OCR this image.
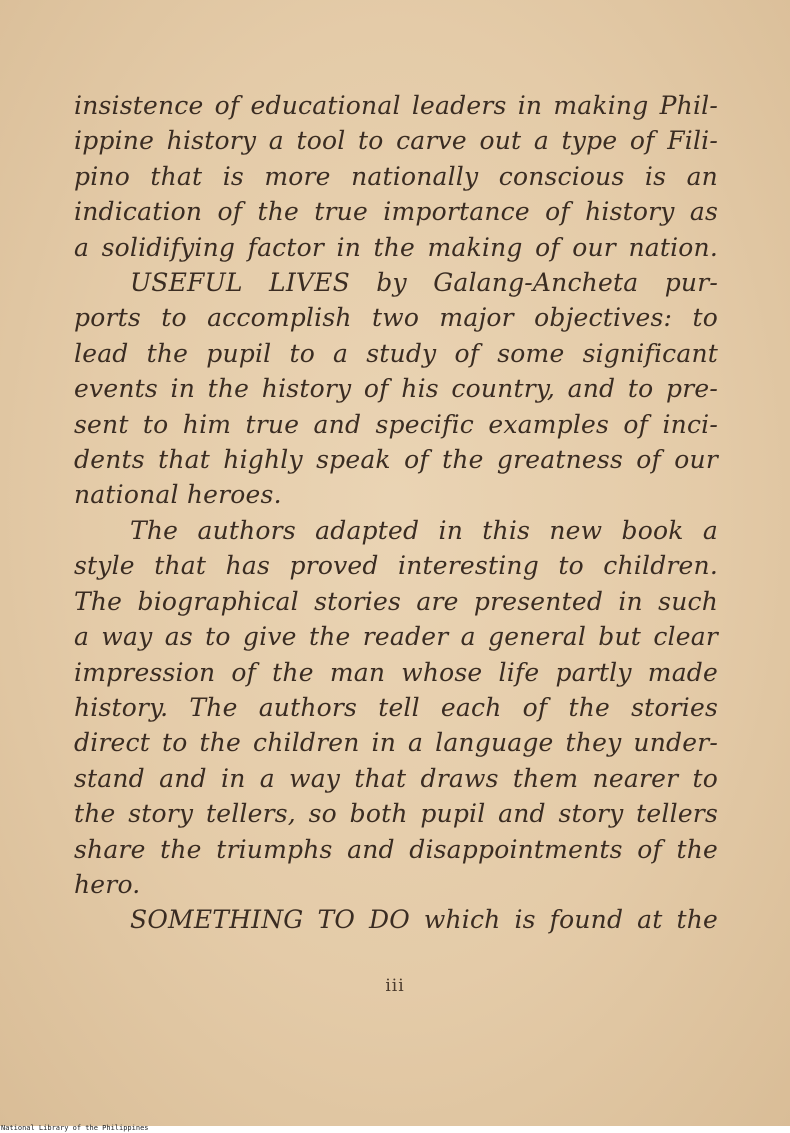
insistence of educational leaders in making Phil-
ippine history a tool to carve out a type of Fili-
pino that is more nationally conscious is an
indication of the true importance of history as
a solidifying factor in the making of our nation.
USEFUL LIVES by Galang-Ancheta pur-
ports to accomplish two major objectives: to
lead the pupil to a study of some significant
events in the history of his country, and to pre-
sent to him true and specific examples of inci-
dents that highly speak of the greatness of our
national heroes.
The authors adapted in this new book a
style that has proved interesting to children.
The biographical stories are presented in such
a way as to give the reader a general but clear
impression of the man whose life partly made
history. The authors tell each of the stories
direct to the children in a language they under-
stand and in a way that draws them nearer to
the story tellers, so both pupil and story tellers
share the triumphs and disappointments of the
hero.
SOMETHING TO DO which is found at the
iii
National Library of the Philippines
